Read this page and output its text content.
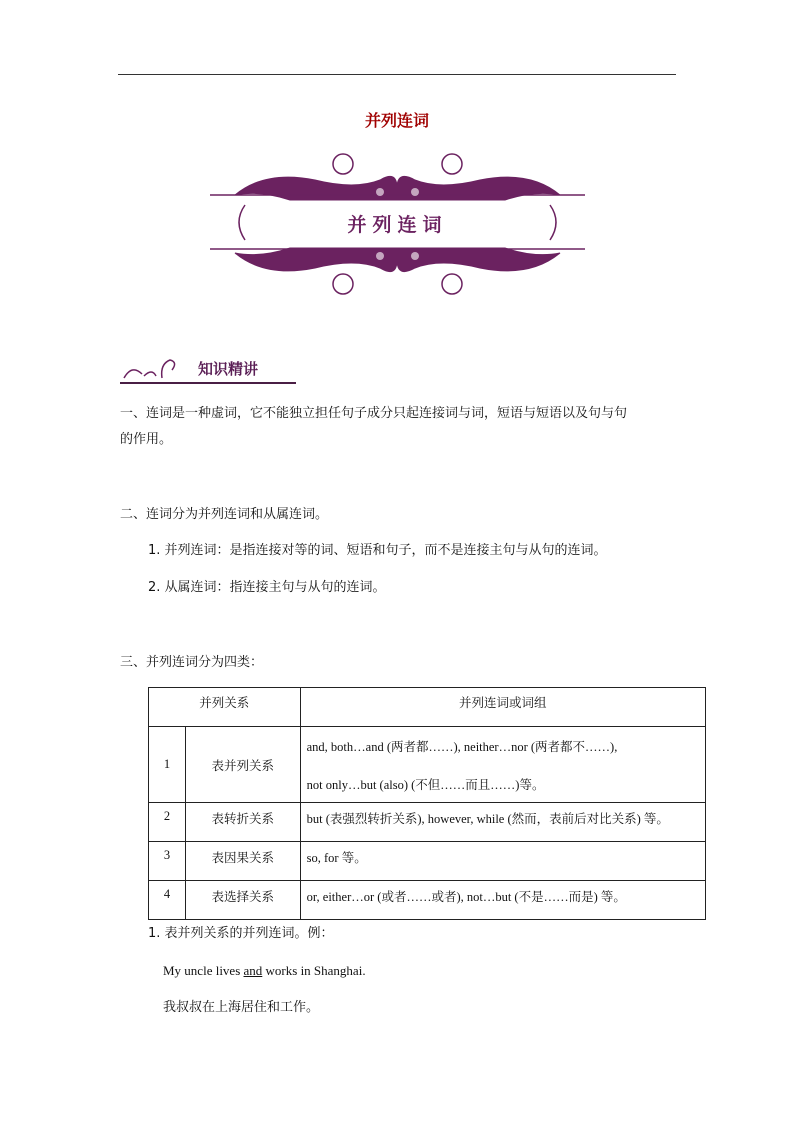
并列连词
并列连词
知识精讲
一、连词是一种虚词，它不能独立担任句子成分只起连接词与词，短语与短语以及句与句
的作用。
二、连词分为并列连词和从属连词。
1. 并列连词：是指连接对等的词、短语和句子，而不是连接主句与从句的连词。
2. 从属连词：指连接主句与从句的连词。
三、并列连词分为四类：
并列关系		并列连词或词组
1	表并列关系	and, both…and (两者都……), neither…nor (两者都不……),
not only…but (also) (不但……而且……)等。

2	表转折关系	but (表强烈转折关系), however, while (然而，表前后对比关系) 等。
3	表因果关系	so, for 等。
4	表选择关系	or, either…or (或者……或者), not…but (不是……而是) 等。
1. 表并列关系的并列连词。例：
My uncle lives and works in Shanghai.
我叔叔在上海居住和工作。
